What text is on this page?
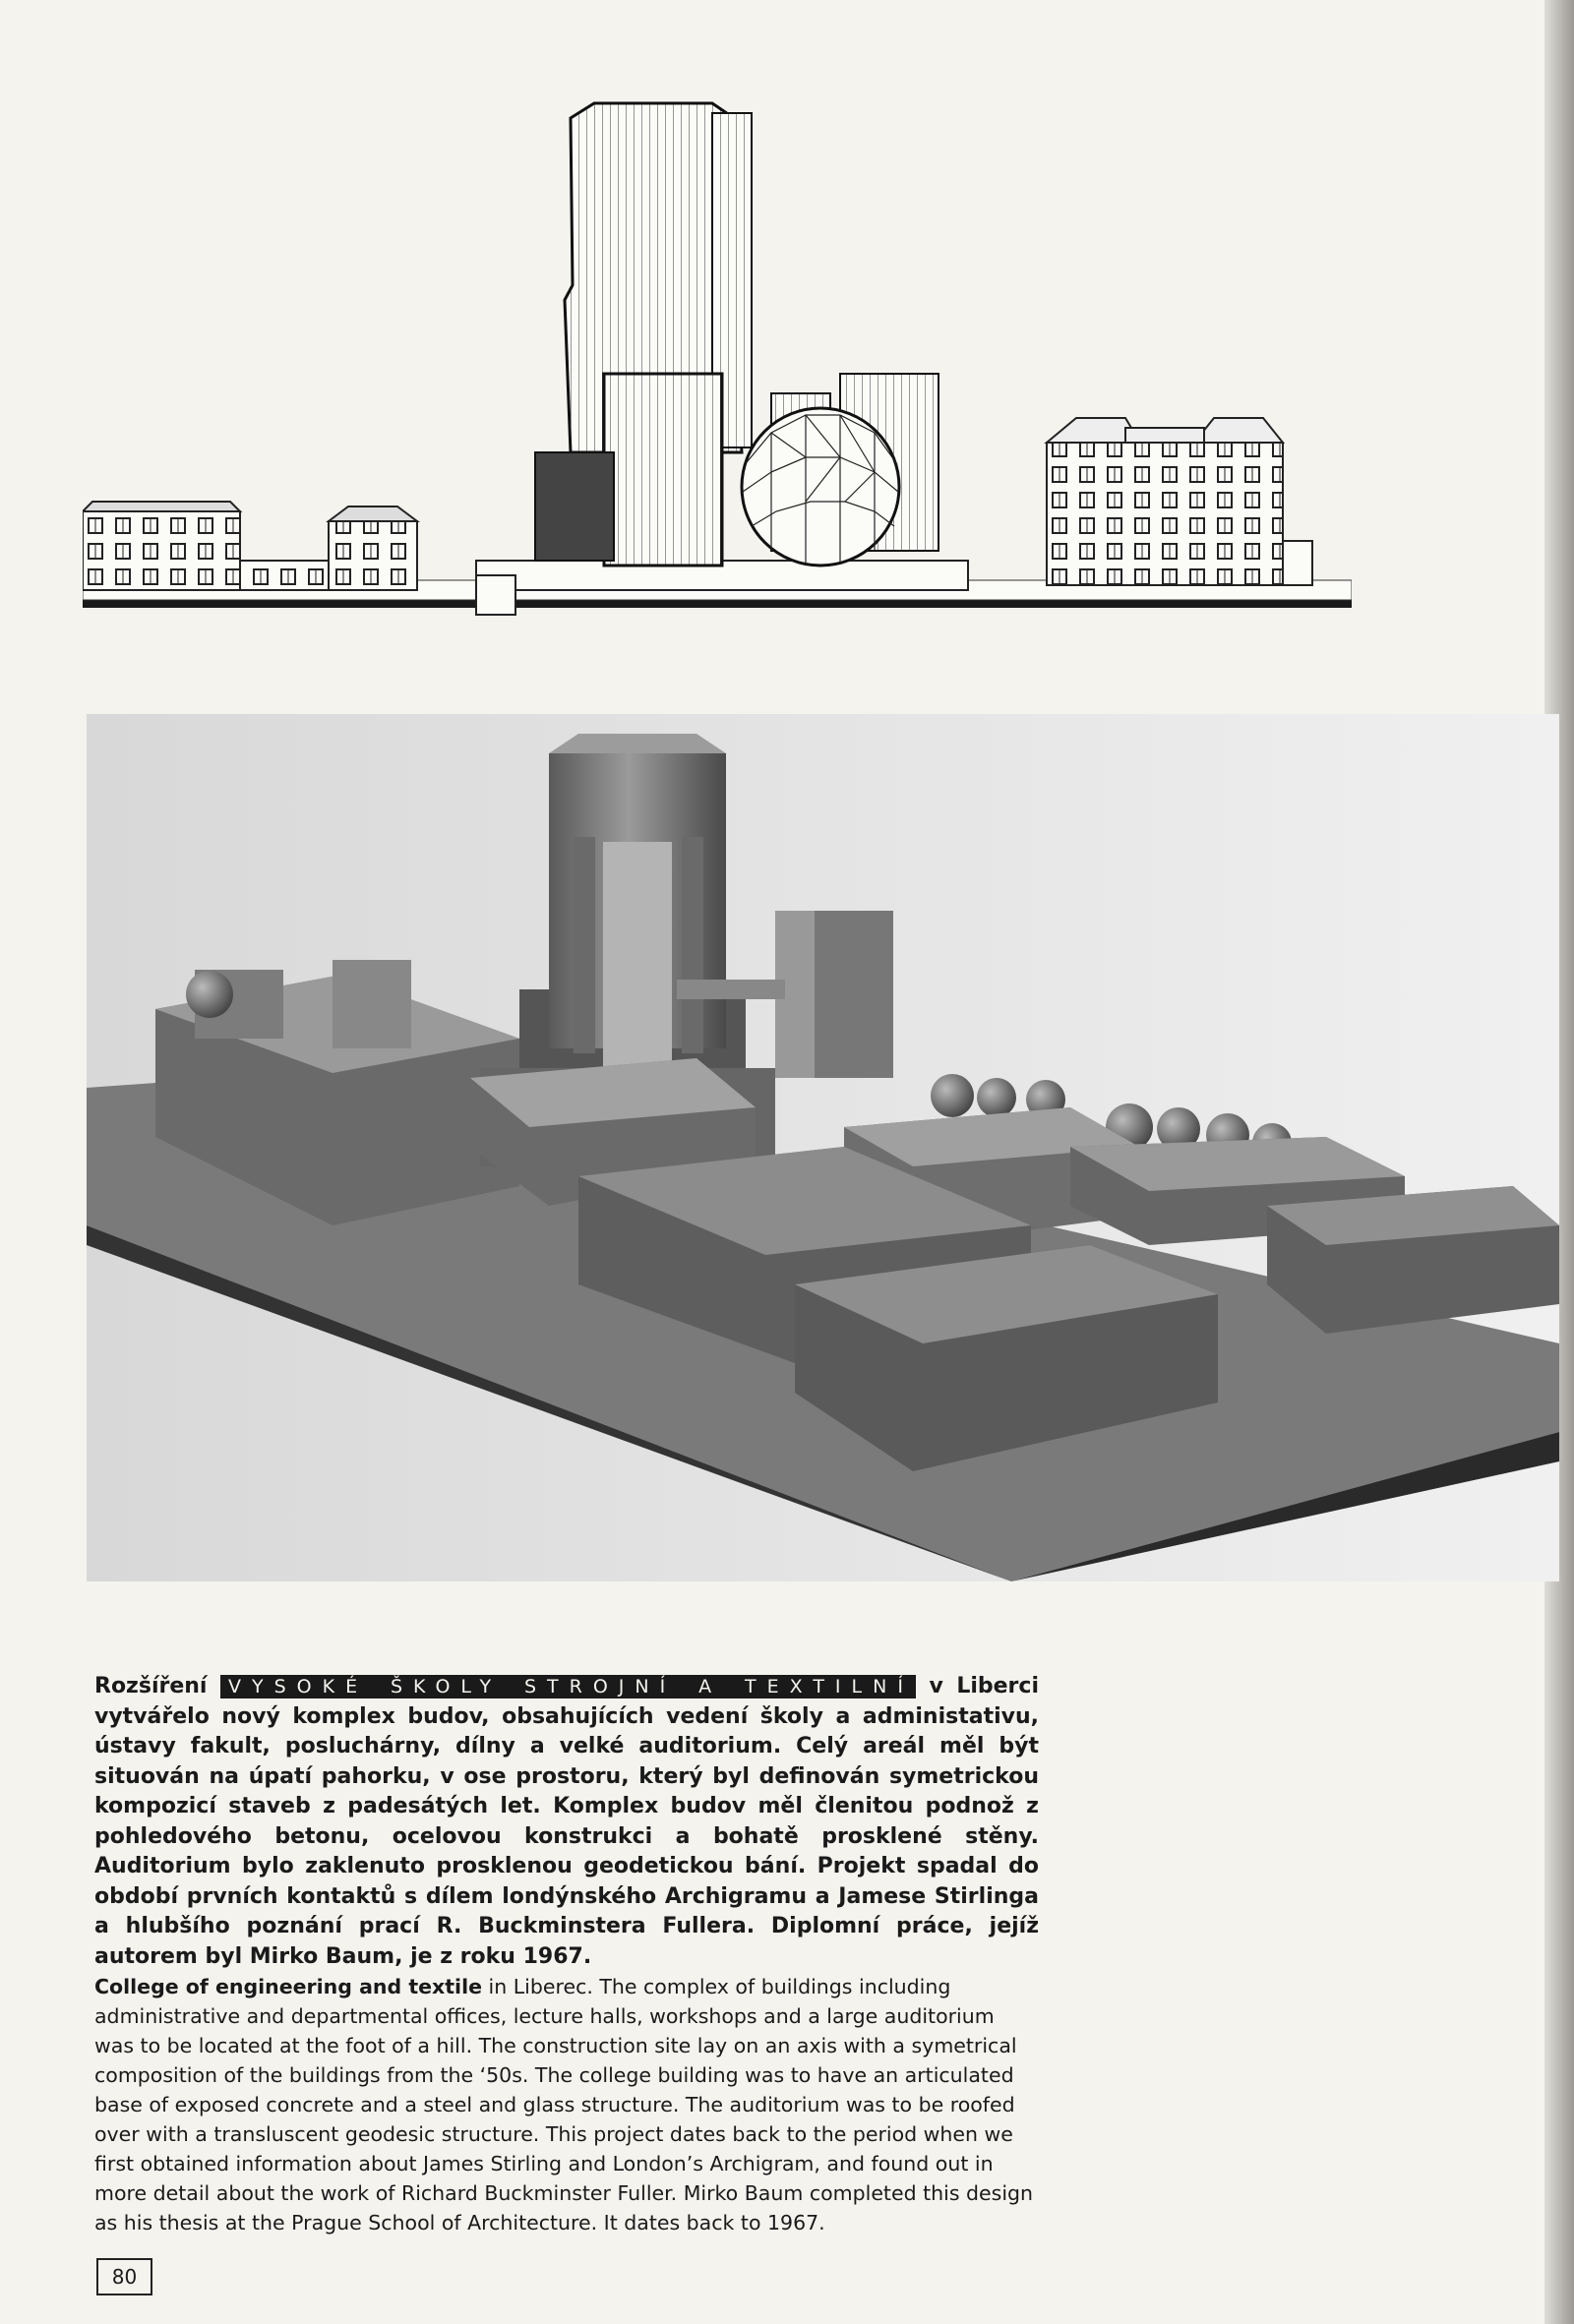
Rozšíření VYSOKÉ ŠKOLY STROJNÍ A TEXTILNÍ v Liberci vytvářelo nový komplex budov, obsahujících vedení školy a administativu, ústavy fakult, posluchárny, dílny a velké auditorium. Celý areál měl být situován na úpatí pahorku, v ose prostoru, který byl definován symetrickou kompozicí staveb z padesátých let. Komplex budov měl členitou podnož z pohledového betonu, ocelovou konstrukci a bohatě prosklené stěny. Auditorium bylo zaklenuto prosklenou geodetickou bání. Projekt spadal do období prvních kontaktů s dílem londýnského Archigramu a Jamese Stirlinga a hlubšího poznání prací R. Buckminstera Fullera. Diplomní práce, jejíž autorem byl Mirko Baum, je z roku 1967.

College of engineering and textile in Liberec. The complex of buildings including administrative and departmental offices, lecture halls, workshops and a large auditorium was to be located at the foot of a hill. The construction site lay on an axis with a symetrical composition of the buildings from the ‘50s. The college building was to have an articulated base of exposed concrete and a steel and glass structure. The auditorium was to be roofed over with a transluscent geodesic structure. This project dates back to the period when we first obtained information about James Stirling and London’s Archigram, and found out in more detail about the work of Richard Buckminster Fuller. Mirko Baum completed this design as his thesis at the Prague School of Architecture. It dates back to 1967.

80
